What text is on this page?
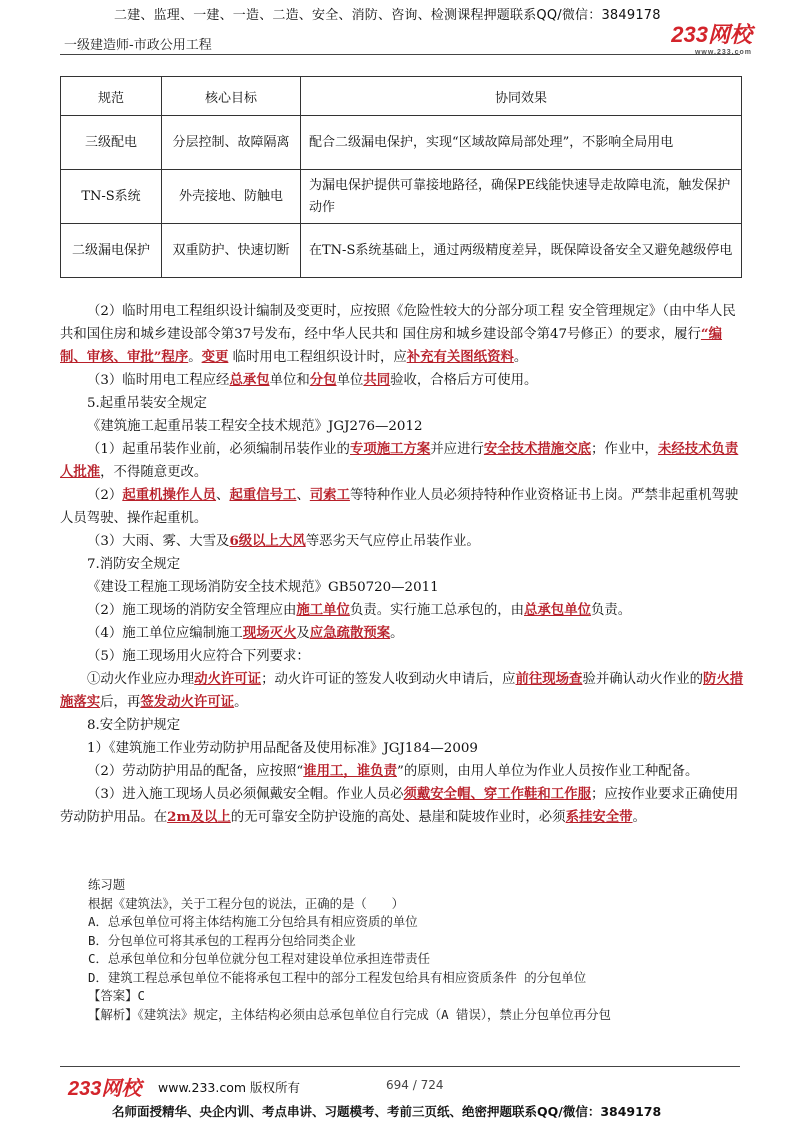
二建、监理、一建、一造、二造、安全、消防、咨询、检测课程押题联系QQ/微信：3849178
一级建造师-市政公用工程	233网校
www.233.com
规范	核心目标	协同效果
三级配电	分层控制、故障隔离	配合二级漏电保护，实现“区域故障局部处理”，不影响全局用电
TN-S系统	外壳接地、防触电	为漏电保护提供可靠接地路径，确保PE线能快速导走故障电流，触发保护动作
二级漏电保护	双重防护、快速切断	在TN-S系统基础上，通过两级精度差异，既保障设备安全又避免越级停电

（2）临时用电工程组织设计编制及变更时，应按照《危险性较大的分部分项工程 安全管理规定》（由中华人民共和国住房和城乡建设部令第37号发布，经中华人民共和 国住房和城乡建设部令第47号修正）的要求，履行“编制、审核、审批”程序。变更 临时用电工程组织设计时，应补充有关图纸资料。

（3）临时用电工程应经总承包单位和分包单位共同验收，合格后方可使用。

5.起重吊装安全规定

《建筑施工起重吊装工程安全技术规范》JGJ276—2012

（1）起重吊装作业前，必须编制吊装作业的专项施工方案并应进行安全技术措施交底；作业中，未经技术负责人批准，不得随意更改。

（2）起重机操作人员、起重信号工、司索工等特种作业人员必须持特种作业资格证书上岗。严禁非起重机驾驶人员驾驶、操作起重机。

（3）大雨、雾、大雪及6级以上大风等恶劣天气应停止吊装作业。

7.消防安全规定

《建设工程施工现场消防安全技术规范》GB50720—2011

（2）施工现场的消防安全管理应由施工单位负责。实行施工总承包的，由总承包单位负责。

（4）施工单位应编制施工现场灭火及应急疏散预案。

（5）施工现场用火应符合下列要求：

①动火作业应办理动火许可证；动火许可证的签发人收到动火申请后，应前往现场查验并确认动火作业的防火措施落实后，再签发动火许可证。

8.安全防护规定

1）《建筑施工作业劳动防护用品配备及使用标准》JGJ184—2009

（2）劳动防护用品的配备，应按照“谁用工，谁负责”的原则，由用人单位为作业人员按作业工种配备。

（3）进入施工现场人员必须佩戴安全帽。作业人员必须戴安全帽、穿工作鞋和工作服；应按作业要求正确使用劳动防护用品。在2m及以上的无可靠安全防护设施的高处、悬崖和陡坡作业时，必须系挂安全带。

练习题

根据《建筑法》，关于工程分包的说法，正确的是（　　）

A．总承包单位可将主体结构施工分包给具有相应资质的单位

B．分包单位可将其承包的工程再分包给同类企业

C．总承包单位和分包单位就分包工程对建设单位承担连带责任

D．建筑工程总承包单位不能将承包工程中的部分工程发包给具有相应资质条件 的分包单位

【答案】C

【解析】《建筑法》规定，主体结构必须由总承包单位自行完成（A 错误），禁止分包单位再分包

233网校 www.233.com 版权所有	694 / 724
名师面授精华、央企内训、考点串讲、习题模考、考前三页纸、绝密押题联系QQ/微信：3849178
